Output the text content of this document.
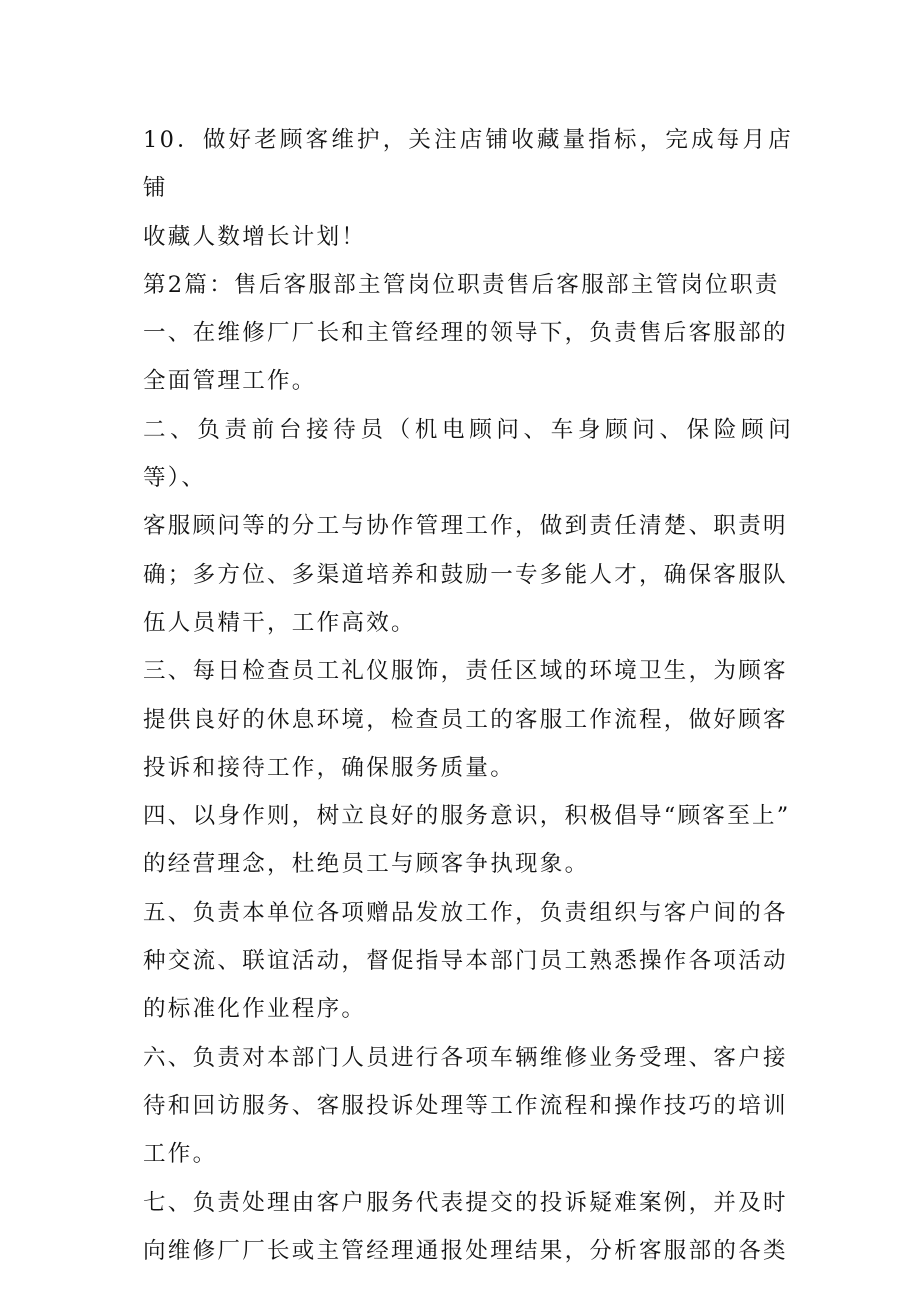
10．做好老顾客维护，关注店铺收藏量指标，完成每月店铺
收藏人数增长计划！
第2篇：售后客服部主管岗位职责售后客服部主管岗位职责
一、在维修厂厂长和主管经理的领导下，负责售后客服部的
全面管理工作。
二、负责前台接待员（机电顾问、车身顾问、保险顾问等）、
客服顾问等的分工与协作管理工作，做到责任清楚、职责明
确；多方位、多渠道培养和鼓励一专多能人才，确保客服队
伍人员精干，工作高效。
三、每日检查员工礼仪服饰，责任区域的环境卫生，为顾客
提供良好的休息环境，检查员工的客服工作流程，做好顾客
投诉和接待工作，确保服务质量。
四、以身作则，树立良好的服务意识，积极倡导“顾客至上”
的经营理念，杜绝员工与顾客争执现象。
五、负责本单位各项赠品发放工作，负责组织与客户间的各
种交流、联谊活动，督促指导本部门员工熟悉操作各项活动
的标准化作业程序。
六、负责对本部门人员进行各项车辆维修业务受理、客户接
待和回访服务、客服投诉处理等工作流程和操作技巧的培训
工作。
七、负责处理由客户服务代表提交的投诉疑难案例，并及时
向维修厂厂长或主管经理通报处理结果，分析客服部的各类
